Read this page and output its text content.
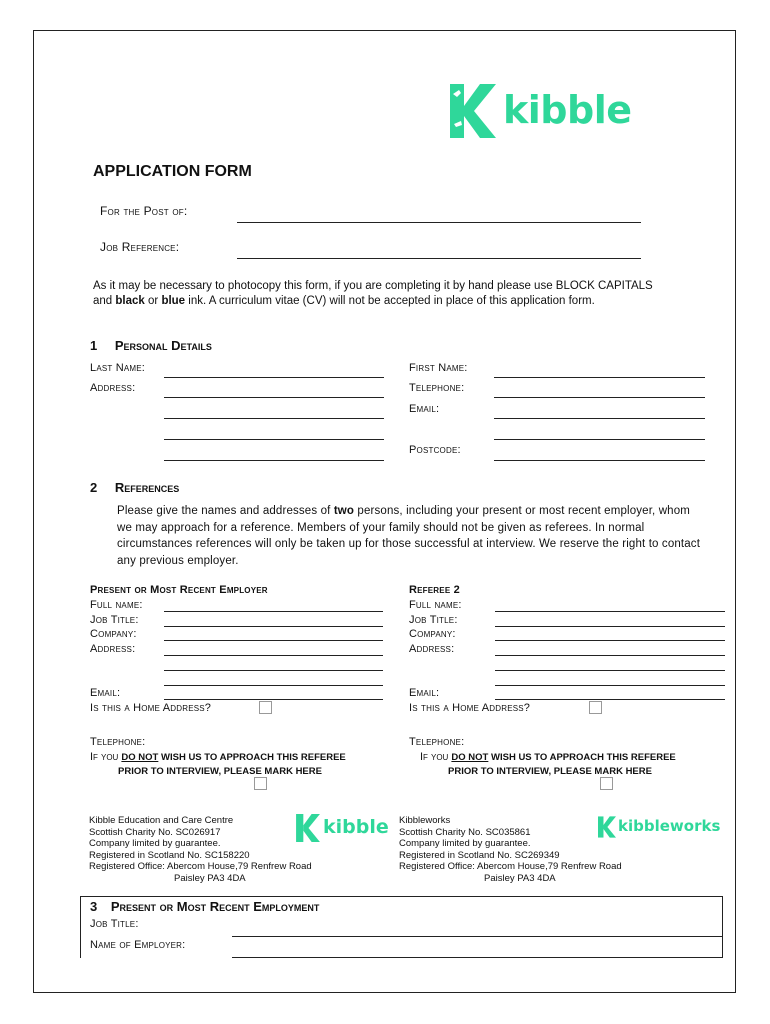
kibble
APPLICATION FORM
For the Post of:
Job Reference:
As it may be necessary to photocopy this form, if you are completing it by hand please use BLOCK CAPITALS and black or blue ink. A curriculum vitae (CV) will not be accepted in place of this application form.
1 Personal Details
Last Name:	First Name:
Address:	Telephone:
Email:
Postcode:
2 References
Please give the names and addresses of two persons, including your present or most recent employer, whom we may approach for a reference. Members of your family should not be given as referees. In normal circumstances references will only be taken up for those successful at interview. We reserve the right to contact any previous employer.
Present or Most Recent Employer
Full name:
Job Title:
Company:
Address:
Email:
Is this a Home Address?
Telephone:
If you DO NOT WISH US TO APPROACH THIS REFEREE
PRIOR TO INTERVIEW, PLEASE MARK HERE
Referee 2
Full name:
Job Title:
Company:
Address:
Email:
Is this a Home Address?
Telephone:
If you DO NOT WISH US TO APPROACH THIS REFEREE
PRIOR TO INTERVIEW, PLEASE MARK HERE
Kibble Education and Care Centre
Scottish Charity No. SC026917
Company limited by guarantee.
Registered in Scotland No. SC158220
Registered Office: Abercom House,79 Renfrew Road
Paisley PA3 4DA
kibble Kibbleworks
Scottish Charity No. SC035861
Company limited by guarantee.
Registered in Scotland No. SC269349
Registered Office: Abercom House,79 Renfrew Road
Paisley PA3 4DA
kibbleworks
3 Present or Most Recent Employment
Job Title:
Name of Employer:
